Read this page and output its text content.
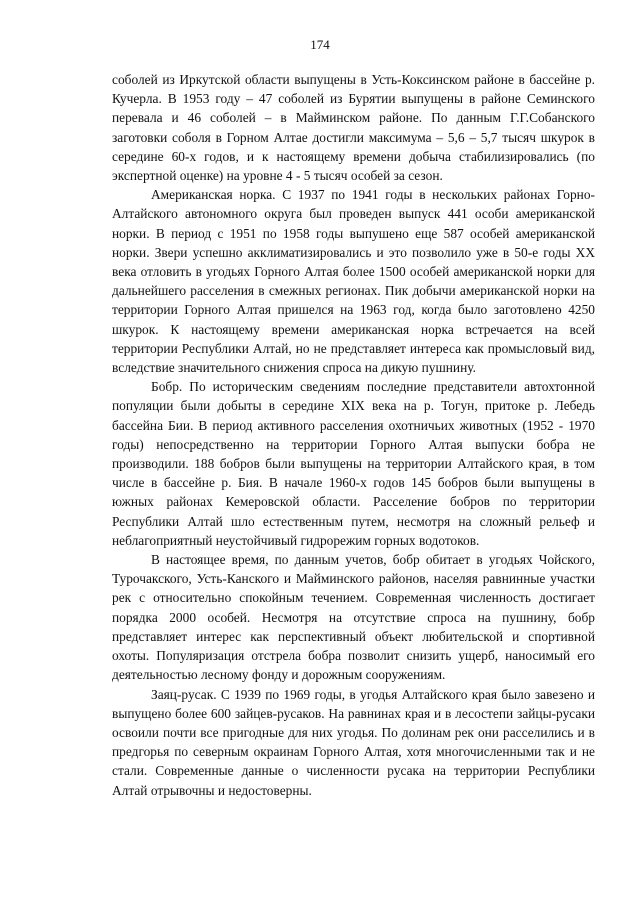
174

соболей из Иркутской области выпущены в Усть-Коксинском районе в бассейне р. Кучерла. В 1953 году – 47 соболей из Бурятии выпущены в районе Семинского перевала и 46 соболей – в Майминском районе. По данным Г.Г.Собанского заготовки соболя в Горном Алтае достигли максимума – 5,6 – 5,7 тысяч шкурок в середине 60-х годов, и к настоящему времени добыча стабилизировались (по экспертной оценке) на уровне 4 - 5 тысяч особей за сезон.

Американская норка. С 1937 по 1941 годы в нескольких районах Горно-Алтайского автономного округа был проведен выпуск 441 особи американской норки. В период с 1951 по 1958 годы выпушено еще 587 особей американской норки. Звери успешно акклиматизировались и это позволило уже в 50-е годы XX века отловить в угодьях Горного Алтая более 1500 особей американской норки для дальнейшего расселения в смежных регионах. Пик добычи американской норки на территории Горного Алтая пришелся на 1963 год, когда было заготовлено 4250 шкурок. К настоящему времени американская норка встречается на всей территории Республики Алтай, но не представляет интереса как промысловый вид, вследствие значительного снижения спроса на дикую пушнину.

Бобр. По историческим сведениям последние представители автохтонной популяции были добыты в середине XIX века на р. Тогун, притоке р. Лебедь бассейна Бии. В период активного расселения охотничьих животных (1952 - 1970 годы) непосредственно на территории Горного Алтая выпуски бобра не производили. 188 бобров были выпущены на территории Алтайского края, в том числе в бассейне р. Бия. В начале 1960-х годов 145 бобров были выпущены в южных районах Кемеровской области. Расселение бобров по территории Республики Алтай шло естественным путем, несмотря на сложный рельеф и неблагоприятный неустойчивый гидрорежим горных водотоков.

В настоящее время, по данным учетов, бобр обитает в угодьях Чойского, Турочакского, Усть-Канского и Майминского районов, населяя равнинные участки рек с относительно спокойным течением. Современная численность достигает порядка 2000 особей. Несмотря на отсутствие спроса на пушнину, бобр представляет интерес как перспективный объект любительской и спортивной охоты. Популяризация отстрела бобра позволит снизить ущерб, наносимый его деятельностью лесному фонду и дорожным сооружениям.

Заяц-русак. С 1939 по 1969 годы, в угодья Алтайского края было завезено и выпущено более 600 зайцев-русаков. На равнинах края и в лесостепи зайцы-русаки освоили почти все пригодные для них угодья. По долинам рек они расселились и в предгорья по северным окраинам Горного Алтая, хотя многочисленными так и не стали. Современные данные о численности русака на территории Республики Алтай отрывочны и недостоверны.
